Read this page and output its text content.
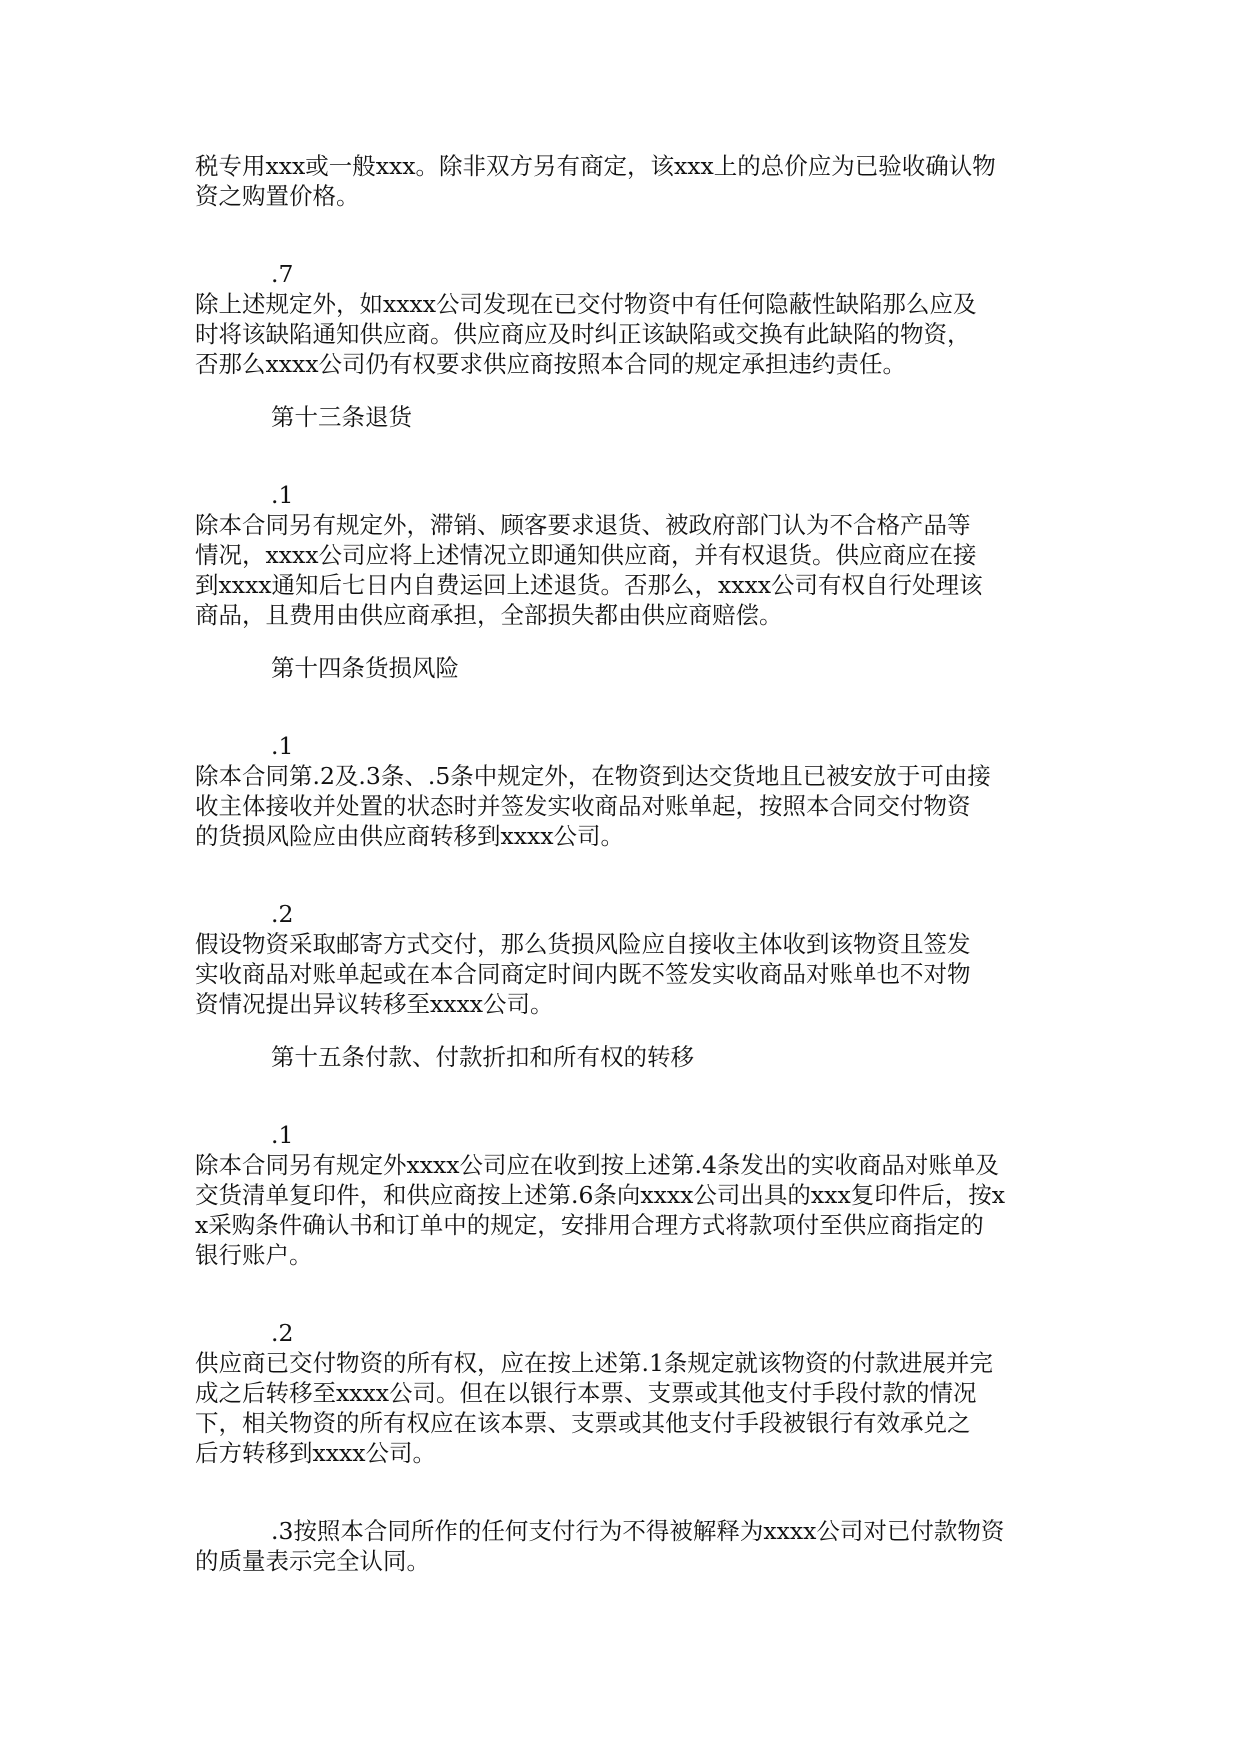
税专用xxx或一般xxx。除非双方另有商定，该xxx上的总价应为已验收确认物
资之购置价格。

.7

除上述规定外，如xxxx公司发现在已交付物资中有任何隐蔽性缺陷那么应及
时将该缺陷通知供应商。供应商应及时纠正该缺陷或交换有此缺陷的物资，
否那么xxxx公司仍有权要求供应商按照本合同的规定承担违约责任。

第十三条退货

.1

除本合同另有规定外，滞销、顾客要求退货、被政府部门认为不合格产品等
情况，xxxx公司应将上述情况立即通知供应商，并有权退货。供应商应在接
到xxxx通知后七日内自费运回上述退货。否那么，xxxx公司有权自行处理该
商品，且费用由供应商承担，全部损失都由供应商赔偿。

第十四条货损风险

.1

除本合同第.2及.3条、.5条中规定外，在物资到达交货地且已被安放于可由接
收主体接收并处置的状态时并签发实收商品对账单起，按照本合同交付物资
的货损风险应由供应商转移到xxxx公司。

.2

假设物资采取邮寄方式交付，那么货损风险应自接收主体收到该物资且签发
实收商品对账单起或在本合同商定时间内既不签发实收商品对账单也不对物
资情况提出异议转移至xxxx公司。

第十五条付款、付款折扣和所有权的转移

.1

除本合同另有规定外xxxx公司应在收到按上述第.4条发出的实收商品对账单及
交货清单复印件，和供应商按上述第.6条向xxxx公司出具的xxx复印件后，按x
x采购条件确认书和订单中的规定，安排用合理方式将款项付至供应商指定的
银行账户。

.2

供应商已交付物资的所有权，应在按上述第.1条规定就该物资的付款进展并完
成之后转移至xxxx公司。但在以银行本票、支票或其他支付手段付款的情况
下，相关物资的所有权应在该本票、支票或其他支付手段被银行有效承兑之
后方转移到xxxx公司。

.3按照本合同所作的任何支付行为不得被解释为xxxx公司对已付款物资
的质量表示完全认同。
